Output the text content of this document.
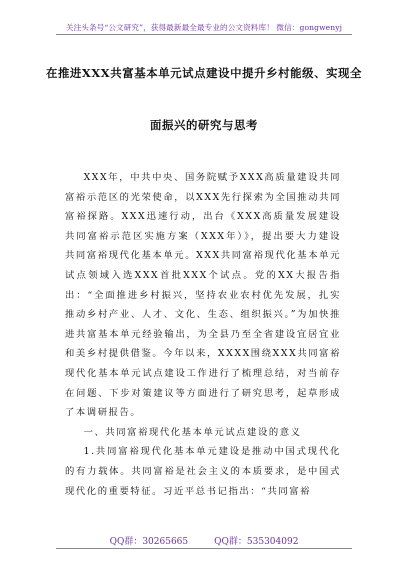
关注头条号“公文研究”，获得最新最全最专业的公文资料库！ 微信：gongwenyj
在推进XXX共富基本单元试点建设中提升乡村能级、实现全
面振兴的研究与思考

XXX年，中共中央、国务院赋予XXX高质量建设共同富裕示范区的光荣使命，以XXX先行探索为全国推动共同富裕探路。XXX迅速行动，出台《XXX高质量发展建设共同富裕示范区实施方案（XXX年）》，提出要大力建设共同富裕现代化基本单元。XXX共同富裕现代化基本单元试点领域入选XXX首批XXX个试点。党的XX大报告指出：“全面推进乡村振兴，坚持农业农村优先发展，扎实推动乡村产业、人才、文化、生态、组织振兴。”为加快推进共富基本单元经验输出，为全县乃至全省建设宜居宜业和美乡村提供借鉴。今年以来，XXXX围绕XXX共同富裕现代化基本单元试点建设工作进行了梳理总结，对当前存在问题、下步对策建议等方面进行了研究思考，起草形成了本调研报告。

一、共同富裕现代化基本单元试点建设的意义

1.共同富裕现代化基本单元建设是推动中国式现代化的有力载体。共同富裕是社会主义的本质要求，是中国式现代化的重要特征。习近平总书记指出：“共同富裕

QQ群：30265665	QQ群：535304092
